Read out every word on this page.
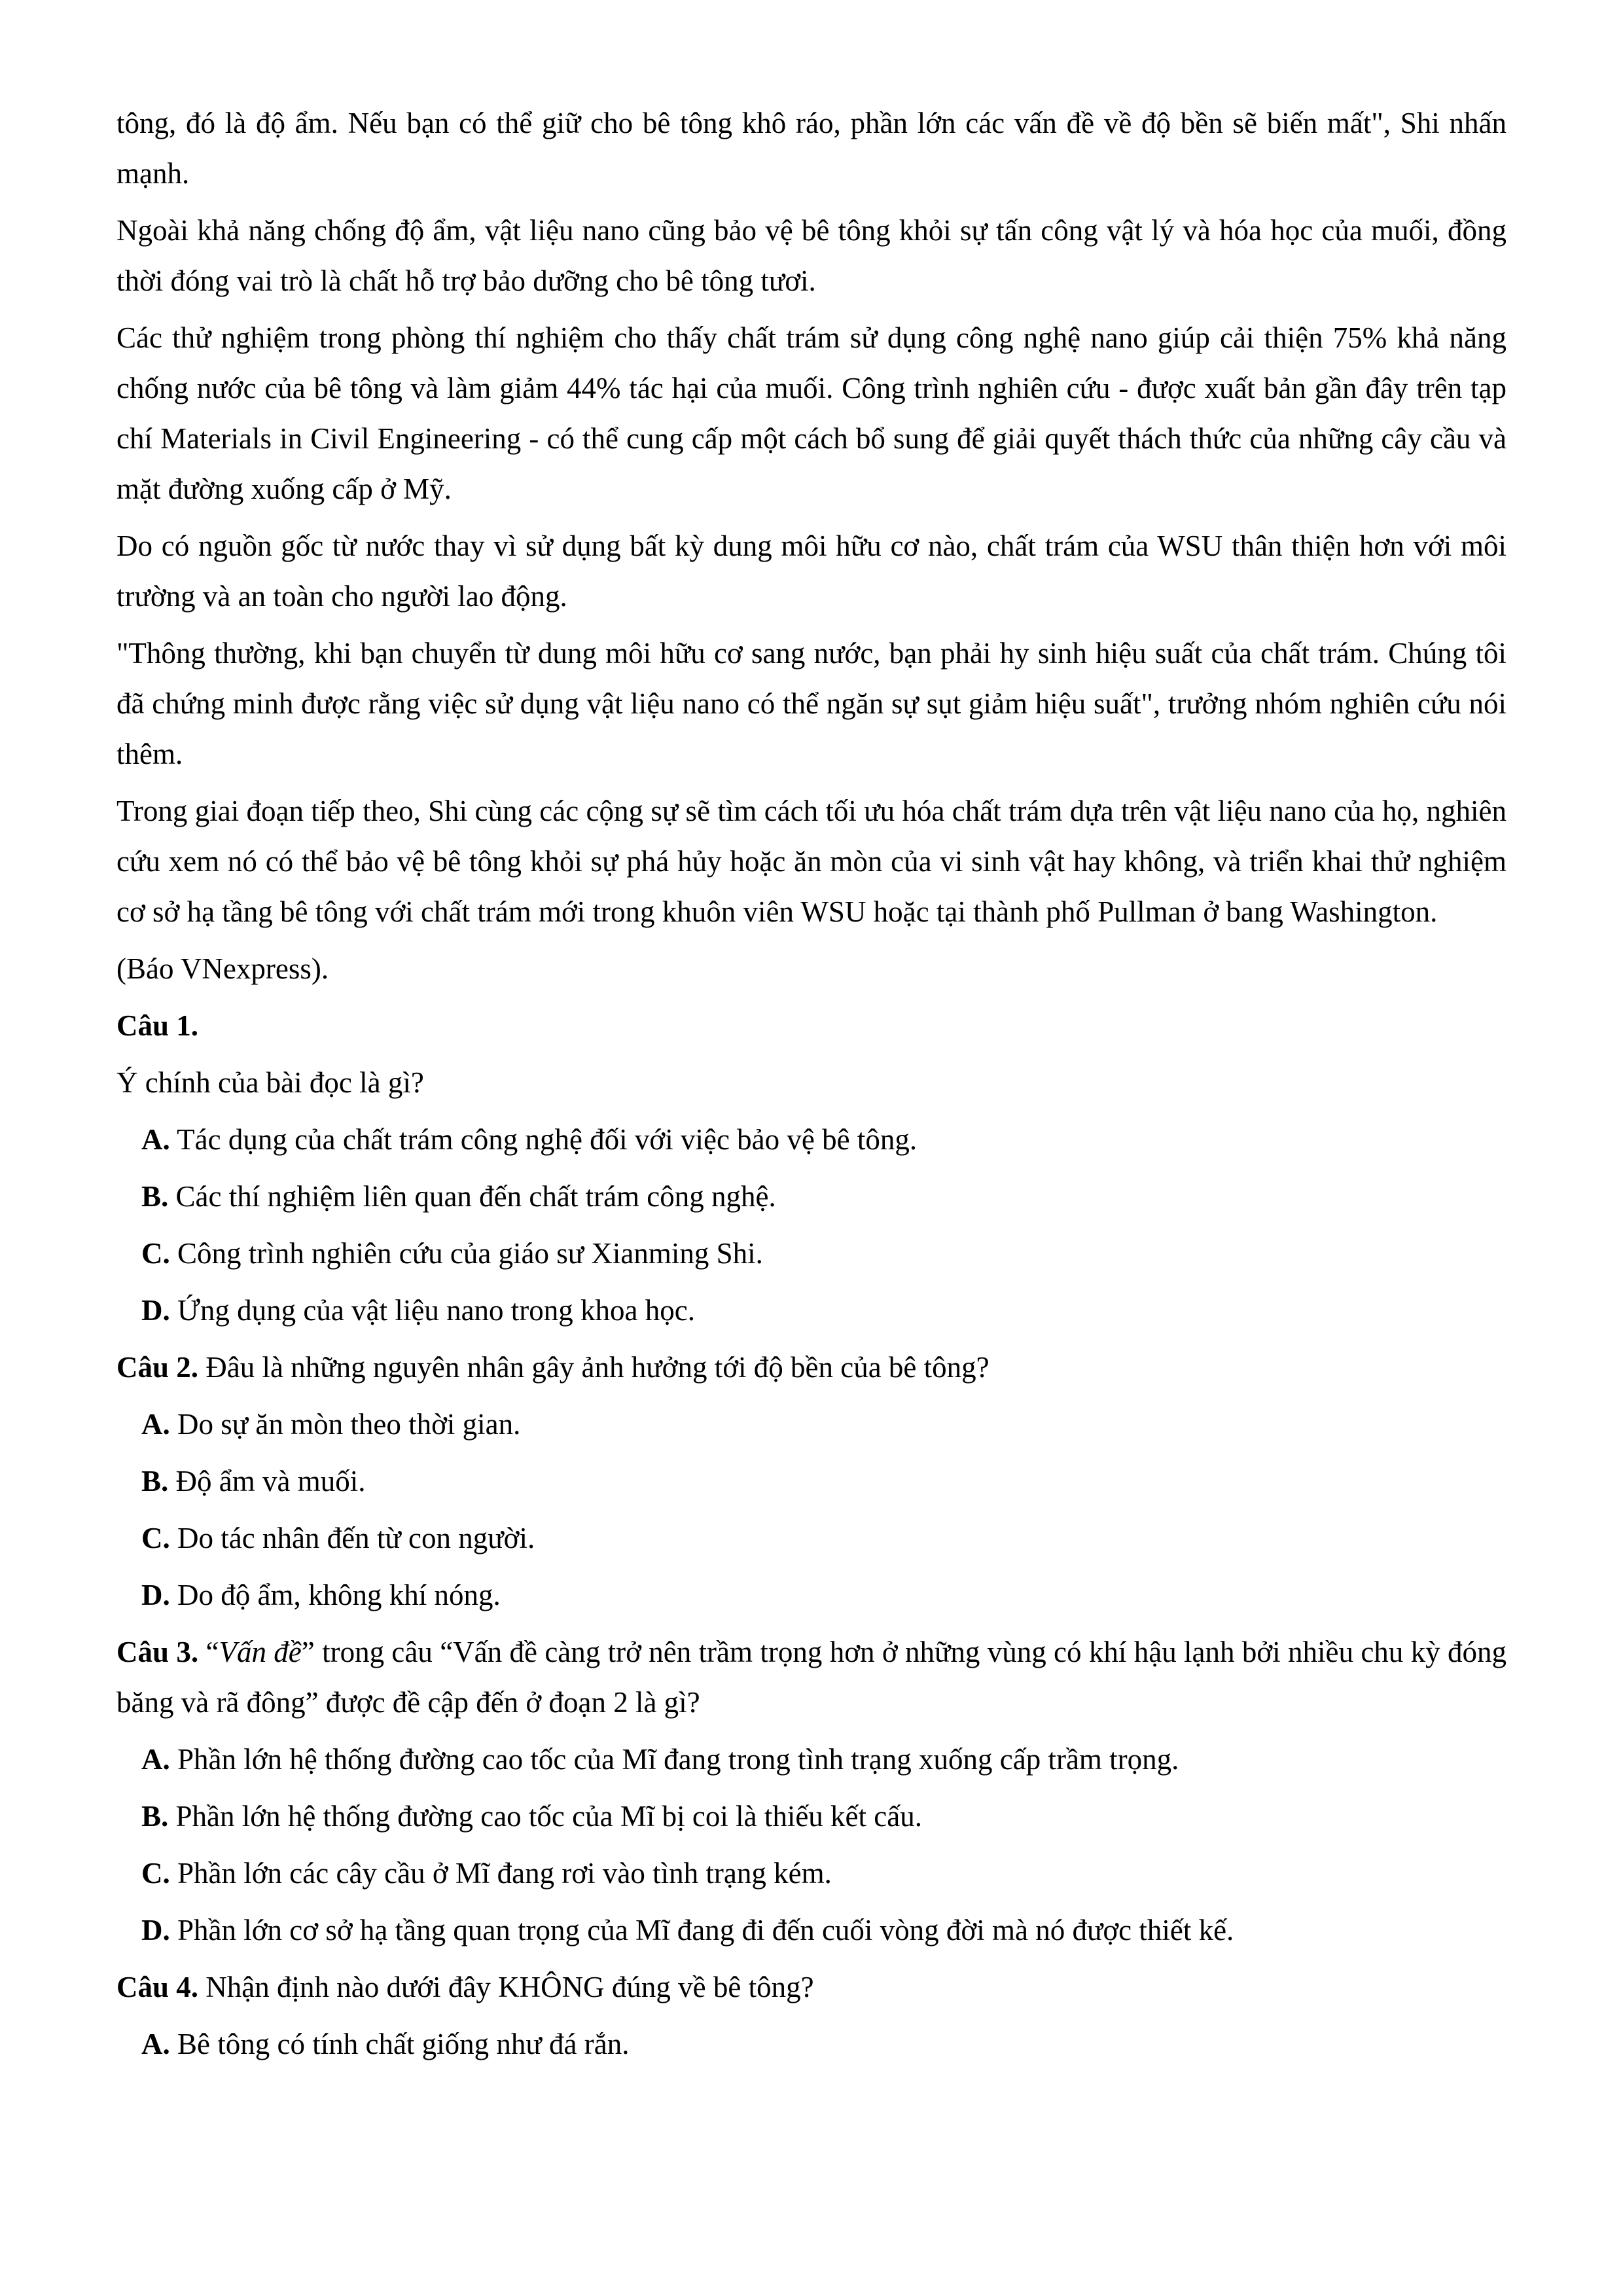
tông, đó là độ ẩm. Nếu bạn có thể giữ cho bê tông khô ráo, phần lớn các vấn đề về độ bền sẽ biến mất", Shi nhấn mạnh.

Ngoài khả năng chống độ ẩm, vật liệu nano cũng bảo vệ bê tông khỏi sự tấn công vật lý và hóa học của muối, đồng thời đóng vai trò là chất hỗ trợ bảo dưỡng cho bê tông tươi.

Các thử nghiệm trong phòng thí nghiệm cho thấy chất trám sử dụng công nghệ nano giúp cải thiện 75% khả năng chống nước của bê tông và làm giảm 44% tác hại của muối. Công trình nghiên cứu - được xuất bản gần đây trên tạp chí Materials in Civil Engineering - có thể cung cấp một cách bổ sung để giải quyết thách thức của những cây cầu và mặt đường xuống cấp ở Mỹ.

Do có nguồn gốc từ nước thay vì sử dụng bất kỳ dung môi hữu cơ nào, chất trám của WSU thân thiện hơn với môi trường và an toàn cho người lao động.

"Thông thường, khi bạn chuyển từ dung môi hữu cơ sang nước, bạn phải hy sinh hiệu suất của chất trám. Chúng tôi đã chứng minh được rằng việc sử dụng vật liệu nano có thể ngăn sự sụt giảm hiệu suất", trưởng nhóm nghiên cứu nói thêm.

Trong giai đoạn tiếp theo, Shi cùng các cộng sự sẽ tìm cách tối ưu hóa chất trám dựa trên vật liệu nano của họ, nghiên cứu xem nó có thể bảo vệ bê tông khỏi sự phá hủy hoặc ăn mòn của vi sinh vật hay không, và triển khai thử nghiệm cơ sở hạ tầng bê tông với chất trám mới trong khuôn viên WSU hoặc tại thành phố Pullman ở bang Washington.

(Báo VNexpress).

Câu 1.

Ý chính của bài đọc là gì?

A. Tác dụng của chất trám công nghệ đối với việc bảo vệ bê tông.

B. Các thí nghiệm liên quan đến chất trám công nghệ.

C. Công trình nghiên cứu của giáo sư Xianming Shi.

D. Ứng dụng của vật liệu nano trong khoa học.

Câu 2. Đâu là những nguyên nhân gây ảnh hưởng tới độ bền của bê tông?

A. Do sự ăn mòn theo thời gian.

B. Độ ẩm và muối.

C. Do tác nhân đến từ con người.

D. Do độ ẩm, không khí nóng.

Câu 3. “Vấn đề” trong câu “Vấn đề càng trở nên trầm trọng hơn ở những vùng có khí hậu lạnh bởi nhiều chu kỳ đóng băng và rã đông” được đề cập đến ở đoạn 2 là gì?

A. Phần lớn hệ thống đường cao tốc của Mĩ đang trong tình trạng xuống cấp trầm trọng.

B. Phần lớn hệ thống đường cao tốc của Mĩ bị coi là thiếu kết cấu.

C. Phần lớn các cây cầu ở Mĩ đang rơi vào tình trạng kém.

D. Phần lớn cơ sở hạ tầng quan trọng của Mĩ đang đi đến cuối vòng đời mà nó được thiết kế.

Câu 4. Nhận định nào dưới đây KHÔNG đúng về bê tông?

A. Bê tông có tính chất giống như đá rắn.
